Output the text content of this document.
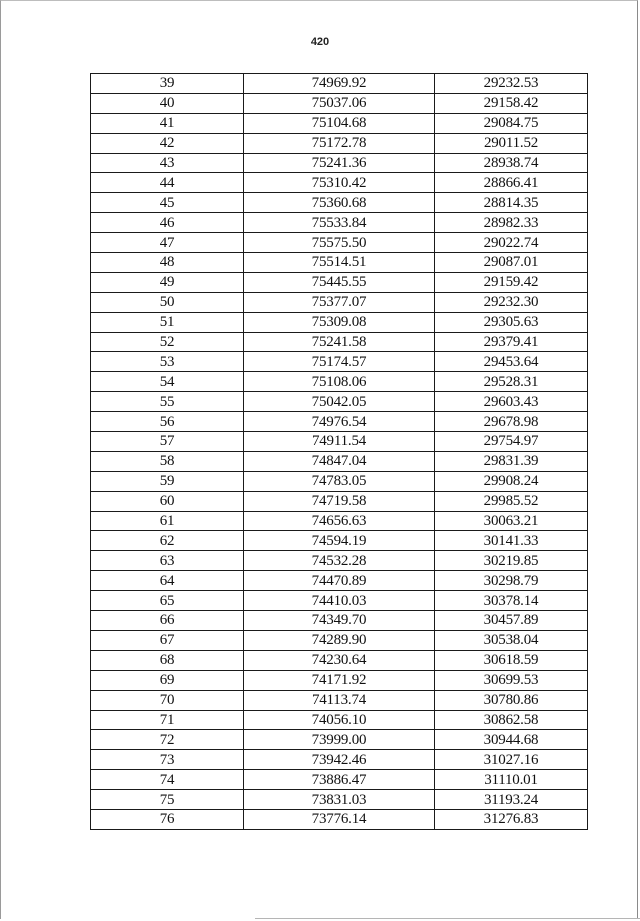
420
39	74969.92	29232.53
40	75037.06	29158.42
41	75104.68	29084.75
42	75172.78	29011.52
43	75241.36	28938.74
44	75310.42	28866.41
45	75360.68	28814.35
46	75533.84	28982.33
47	75575.50	29022.74
48	75514.51	29087.01
49	75445.55	29159.42
50	75377.07	29232.30
51	75309.08	29305.63
52	75241.58	29379.41
53	75174.57	29453.64
54	75108.06	29528.31
55	75042.05	29603.43
56	74976.54	29678.98
57	74911.54	29754.97
58	74847.04	29831.39
59	74783.05	29908.24
60	74719.58	29985.52
61	74656.63	30063.21
62	74594.19	30141.33
63	74532.28	30219.85
64	74470.89	30298.79
65	74410.03	30378.14
66	74349.70	30457.89
67	74289.90	30538.04
68	74230.64	30618.59
69	74171.92	30699.53
70	74113.74	30780.86
71	74056.10	30862.58
72	73999.00	30944.68
73	73942.46	31027.16
74	73886.47	31110.01
75	73831.03	31193.24
76	73776.14	31276.83
